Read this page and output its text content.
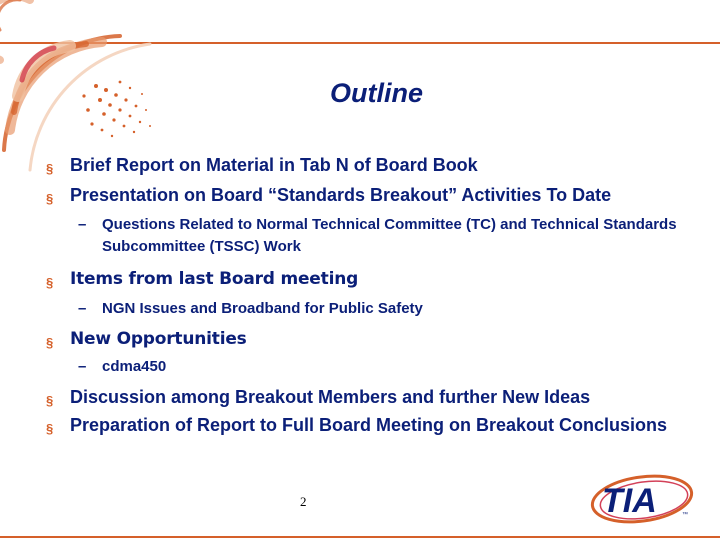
Outline
§ Brief Report on Material in Tab N of Board Book
§ Presentation on Board “Standards Breakout” Activities To Date
–	Questions Related to Normal Technical Committee (TC) and Technical Standards Subcommittee (TSSC) Work
§ Items from last Board meeting
–	NGN Issues and Broadband for Public Safety
§ New Opportunities
–	cdma450
§ Discussion among Breakout Members and further New Ideas
§ Preparation of Report to Full Board Meeting on Breakout Conclusions
2	TIA	™
